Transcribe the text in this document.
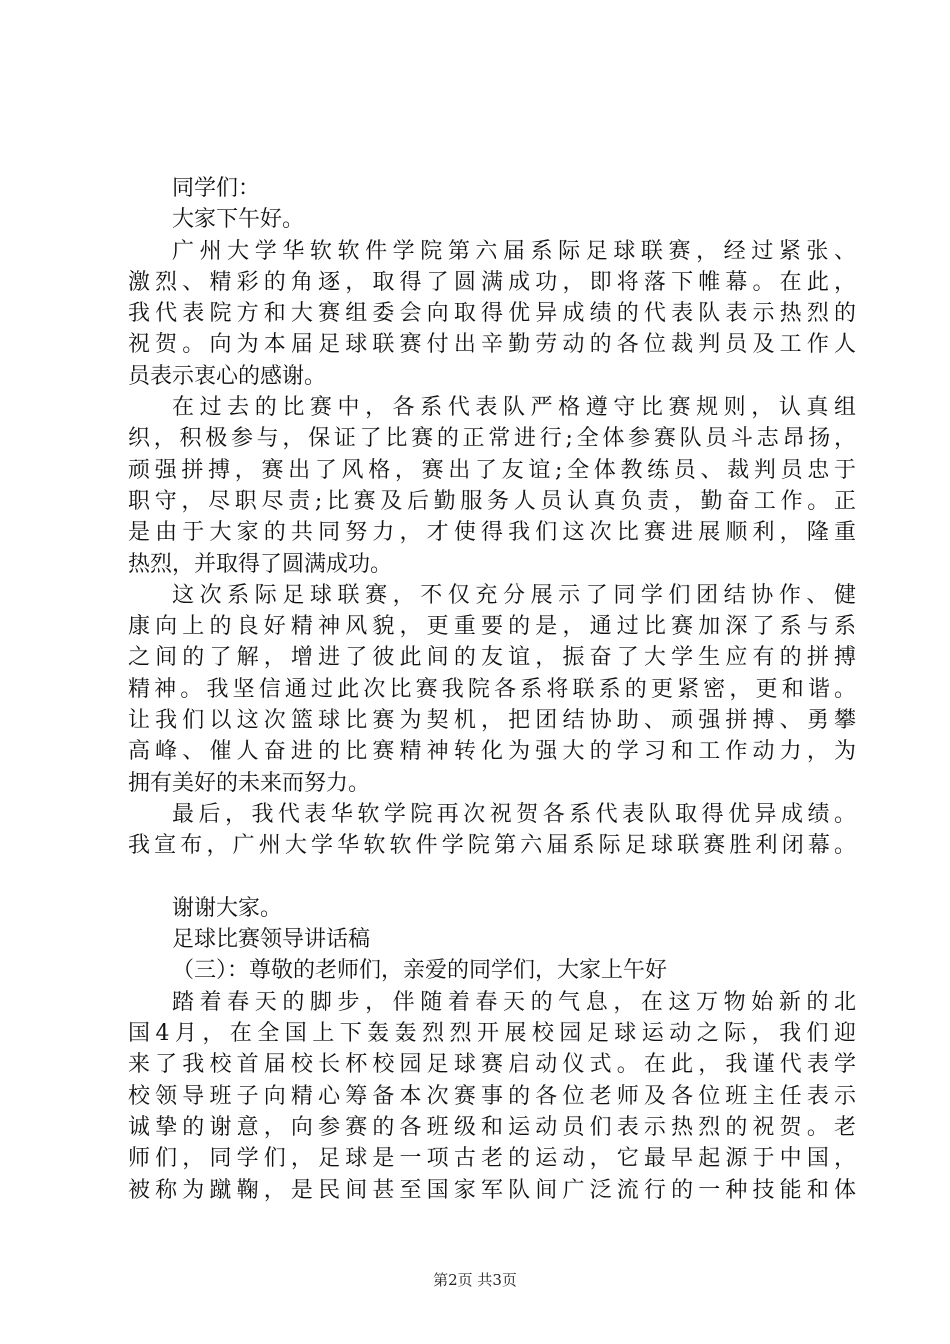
同学们：
大家下午好。
广州大学华软软件学院第六届系际足球联赛，经过紧张、
激烈、精彩的角逐，取得了圆满成功，即将落下帷幕。在此，
我代表院方和大赛组委会向取得优异成绩的代表队表示热烈的
祝贺。向为本届足球联赛付出辛勤劳动的各位裁判员及工作人
员表示衷心的感谢。
在过去的比赛中，各系代表队严格遵守比赛规则，认真组
织，积极参与，保证了比赛的正常进行;全体参赛队员斗志昂扬，
顽强拼搏，赛出了风格，赛出了友谊;全体教练员、裁判员忠于
职守，尽职尽责;比赛及后勤服务人员认真负责，勤奋工作。正
是由于大家的共同努力，才使得我们这次比赛进展顺利，隆重
热烈，并取得了圆满成功。
这次系际足球联赛，不仅充分展示了同学们团结协作、健
康向上的良好精神风貌，更重要的是，通过比赛加深了系与系
之间的了解，增进了彼此间的友谊，振奋了大学生应有的拼搏
精神。我坚信通过此次比赛我院各系将联系的更紧密，更和谐。
让我们以这次篮球比赛为契机，把团结协助、顽强拼搏、勇攀
高峰、催人奋进的比赛精神转化为强大的学习和工作动力，为
拥有美好的未来而努力。
最后，我代表华软学院再次祝贺各系代表队取得优异成绩。
我宣布，广州大学华软软件学院第六届系际足球联赛胜利闭幕。
谢谢大家。
足球比赛领导讲话稿
（三）：尊敬的老师们，亲爱的同学们，大家上午好
踏着春天的脚步，伴随着春天的气息，在这万物始新的北
国4月，在全国上下轰轰烈烈开展校园足球运动之际，我们迎
来了我校首届校长杯校园足球赛启动仪式。在此，我谨代表学
校领导班子向精心筹备本次赛事的各位老师及各位班主任表示
诚挚的谢意，向参赛的各班级和运动员们表示热烈的祝贺。老
师们，同学们，足球是一项古老的运动，它最早起源于中国，
被称为蹴鞠，是民间甚至国家军队间广泛流行的一种技能和体
第2页 共3页
